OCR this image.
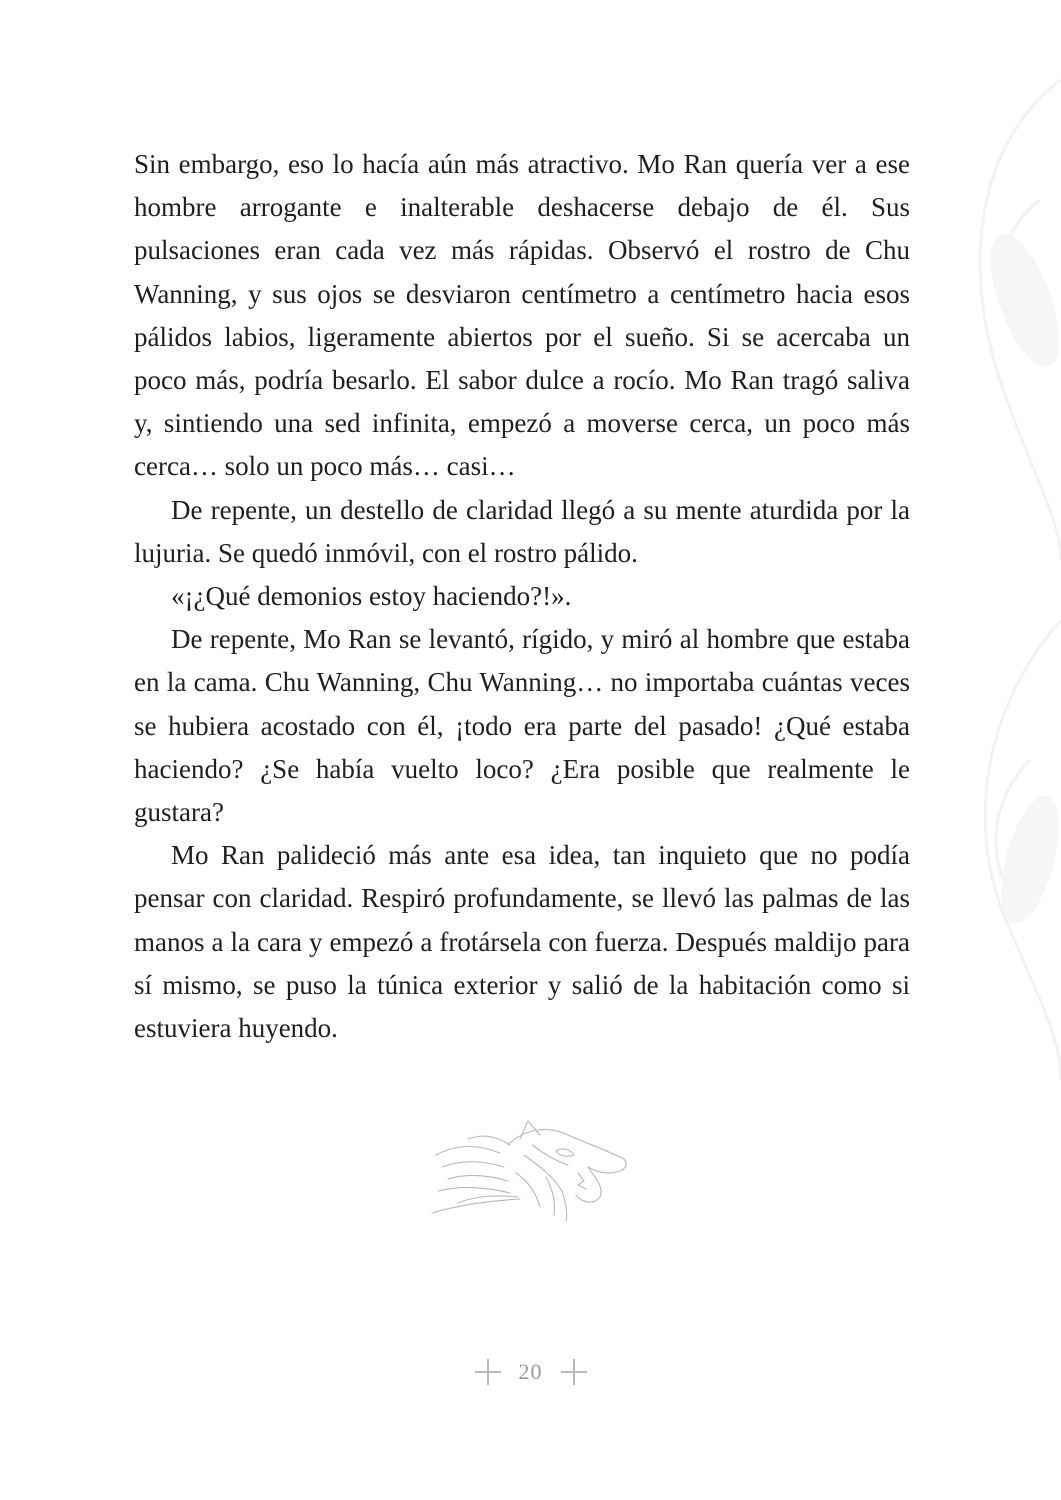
Sin embargo, eso lo hacía aún más atractivo. Mo Ran quería ver a ese hombre arrogante e inalterable deshacerse debajo de él. Sus pulsaciones eran cada vez más rápidas. Observó el rostro de Chu Wanning, y sus ojos se desviaron centímetro a centímetro hacia esos pálidos labios, ligeramente abiertos por el sueño. Si se acercaba un poco más, podría besarlo. El sabor dulce a rocío. Mo Ran tragó saliva y, sintiendo una sed infinita, empezó a moverse cerca, un poco más cerca… solo un poco más… casi…

De repente, un destello de claridad llegó a su mente aturdida por la lujuria. Se quedó inmóvil, con el rostro pálido.

«¡¿Qué demonios estoy haciendo?!».

De repente, Mo Ran se levantó, rígido, y miró al hombre que estaba en la cama. Chu Wanning, Chu Wanning… no importaba cuántas veces se hubiera acostado con él, ¡todo era parte del pasado! ¿Qué estaba haciendo? ¿Se había vuelto loco? ¿Era posible que realmente le gustara?

Mo Ran palideció más ante esa idea, tan inquieto que no podía pensar con claridad. Respiró profundamente, se llevó las palmas de las manos a la cara y empezó a frotársela con fuerza. Después maldijo para sí mismo, se puso la túnica exterior y salió de la habitación como si estuviera huyendo.

20
